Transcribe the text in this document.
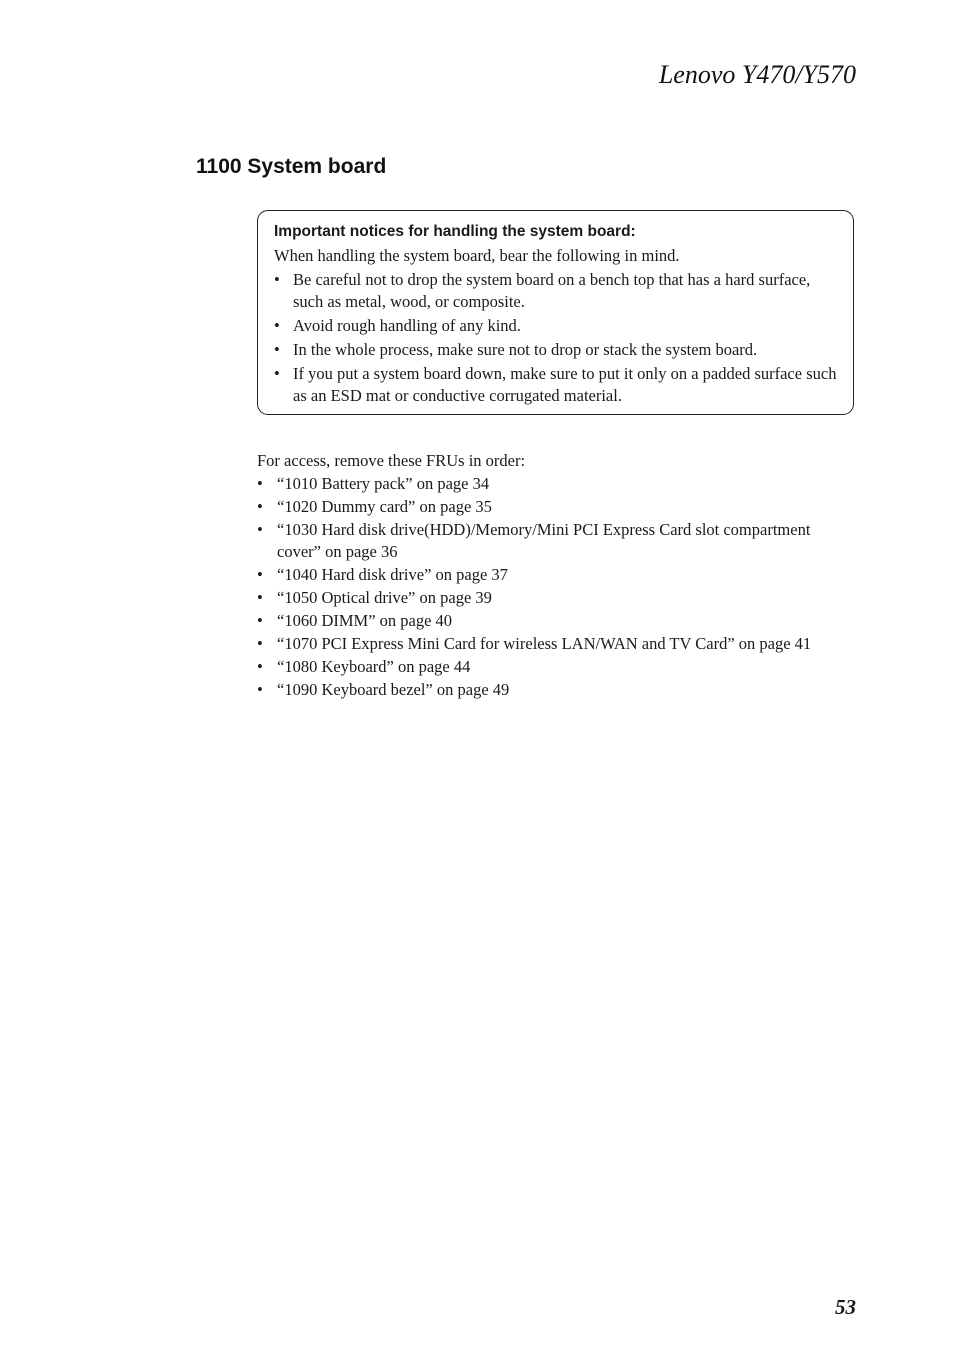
Lenovo Y470/Y570
1100 System board

Important notices for handling the system board:

When handling the system board, bear the following in mind.

• Be careful not to drop the system board on a bench top that has a hard surface, such as metal, wood, or composite.
• Avoid rough handling of any kind.
• In the whole process, make sure not to drop or stack the system board.
• If you put a system board down, make sure to put it only on a padded surface such as an ESD mat or conductive corrugated material.

For access, remove these FRUs in order:

• “1010 Battery pack” on page 34
• “1020 Dummy card” on page 35
• “1030 Hard disk drive(HDD)/Memory/Mini PCI Express Card slot compartment cover” on page 36
• “1040 Hard disk drive” on page 37
• “1050 Optical drive” on page 39
• “1060 DIMM” on page 40
• “1070 PCI Express Mini Card for wireless LAN/WAN and TV Card” on page 41
• “1080 Keyboard” on page 44
• “1090 Keyboard bezel” on page 49
53
